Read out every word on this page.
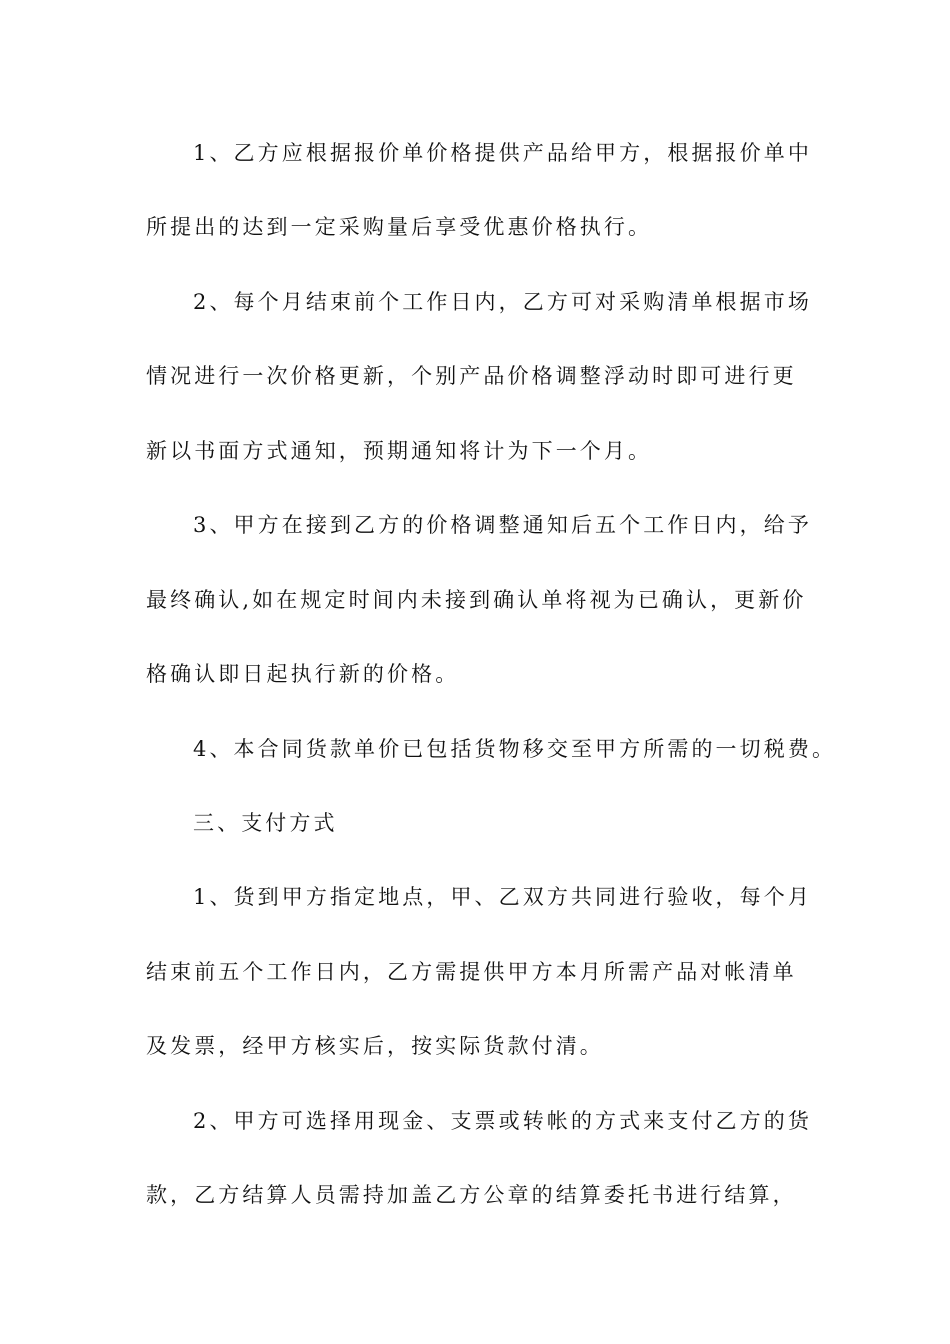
1、乙方应根据报价单价格提供产品给甲方，根据报价单中
所提出的达到一定采购量后享受优惠价格执行。
2、每个月结束前个工作日内，乙方可对采购清单根据市场
情况进行一次价格更新，个别产品价格调整浮动时即可进行更
新以书面方式通知，预期通知将计为下一个月。
3、甲方在接到乙方的价格调整通知后五个工作日内，给予
最终确认,如在规定时间内未接到确认单将视为已确认，更新价
格确认即日起执行新的价格。
4、本合同货款单价已包括货物移交至甲方所需的一切税费。
三、支付方式
1、货到甲方指定地点，甲、乙双方共同进行验收，每个月
结束前五个工作日内，乙方需提供甲方本月所需产品对帐清单
及发票，经甲方核实后，按实际货款付清。
2、甲方可选择用现金、支票或转帐的方式来支付乙方的货
款，乙方结算人员需持加盖乙方公章的结算委托书进行结算，
